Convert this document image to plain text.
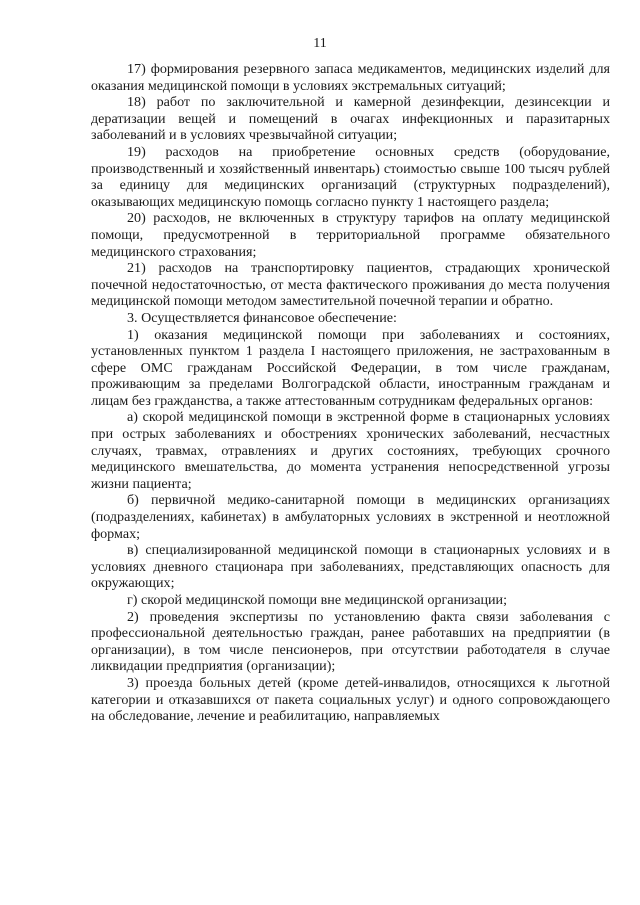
11

17) формирования резервного запаса медикаментов, медицинских изделий для оказания медицинской помощи в условиях экстремальных ситуаций;

18) работ по заключительной и камерной дезинфекции, дезинсекции и дератизации вещей и помещений в очагах инфекционных и паразитарных заболеваний и в условиях чрезвычайной ситуации;

19) расходов на приобретение основных средств (оборудование, производственный и хозяйственный инвентарь) стоимостью свыше 100 тысяч рублей за единицу для медицинских организаций (структурных подразделений), оказывающих медицинскую помощь согласно пункту 1 настоящего раздела;

20) расходов, не включенных в структуру тарифов на оплату медицинской помощи, предусмотренной в территориальной программе обязательного медицинского страхования;

21) расходов на транспортировку пациентов, страдающих хронической почечной недостаточностью, от места фактического проживания до места получения медицинской помощи методом заместительной почечной терапии и обратно.

3. Осуществляется финансовое обеспечение:

1) оказания медицинской помощи при заболеваниях и состояниях, установленных пунктом 1 раздела I настоящего приложения, не застрахованным в сфере ОМС гражданам Российской Федерации, в том числе гражданам, проживающим за пределами Волгоградской области, иностранным гражданам и лицам без гражданства, а также аттестованным сотрудникам федеральных органов:

а) скорой медицинской помощи в экстренной форме в стационарных условиях при острых заболеваниях и обострениях хронических заболеваний, несчастных случаях, травмах, отравлениях и других состояниях, требующих срочного медицинского вмешательства, до момента устранения непосредственной угрозы жизни пациента;

б) первичной медико-санитарной помощи в медицинских организациях (подразделениях, кабинетах) в амбулаторных условиях в экстренной и неотложной формах;

в) специализированной медицинской помощи в стационарных условиях и в условиях дневного стационара при заболеваниях, представляющих опасность для окружающих;

г) скорой медицинской помощи вне медицинской организации;

2) проведения экспертизы по установлению факта связи заболевания с профессиональной деятельностью граждан, ранее работавших на предприятии (в организации), в том числе пенсионеров, при отсутствии работодателя в случае ликвидации предприятия (организации);

3) проезда больных детей (кроме детей-инвалидов, относящихся к льготной категории и отказавшихся от пакета социальных услуг) и одного сопровождающего на обследование, лечение и реабилитацию, направляемых
